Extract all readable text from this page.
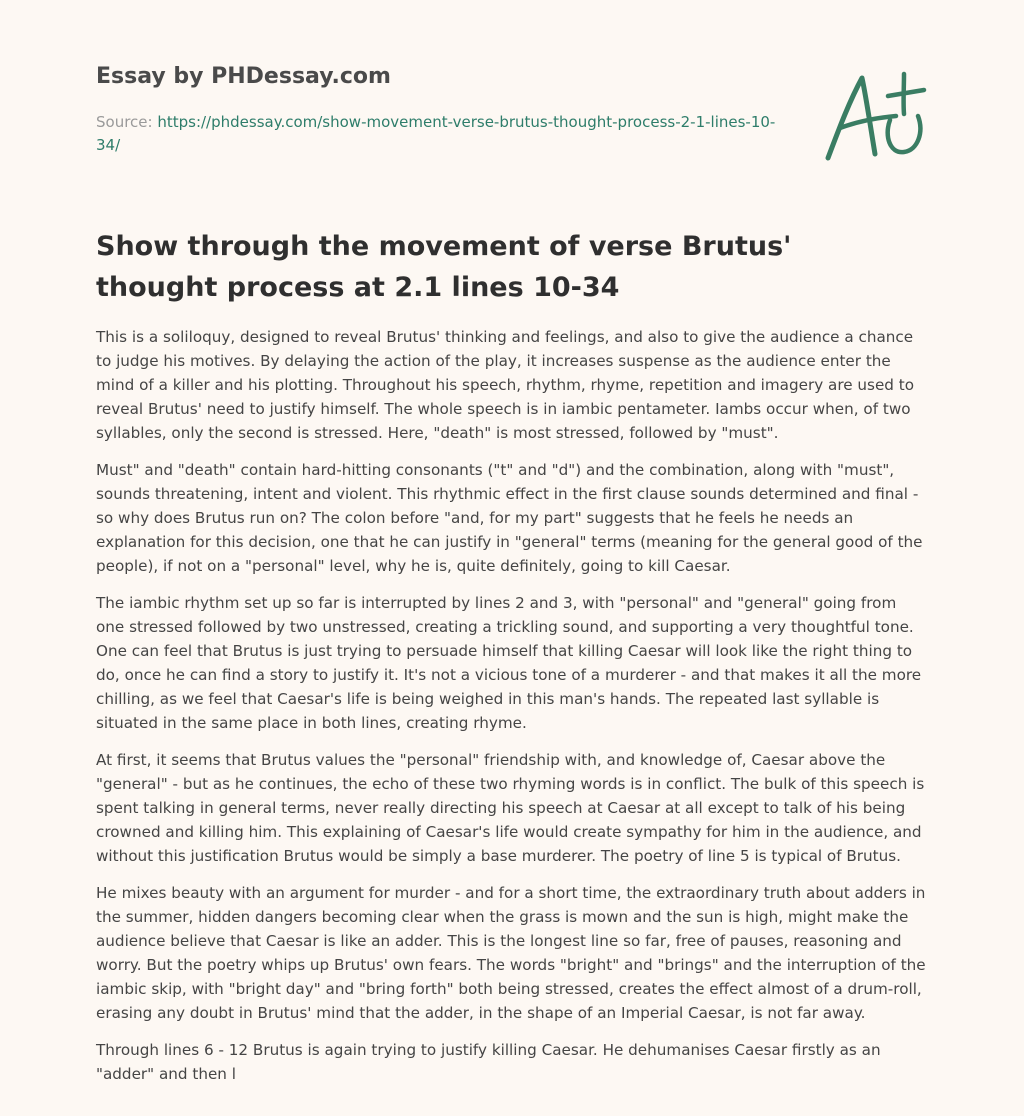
Essay by PHDessay.com
Source: https://phdessay.com/show-movement-verse-brutus-thought-process-2-1-lines-10-34/
Show through the movement of verse Brutus' thought process at 2.1 lines 10-34

This is a soliloquy, designed to reveal Brutus' thinking and feelings, and also to give the audience a chance to judge his motives. By delaying the action of the play, it increases suspense as the audience enter the mind of a killer and his plotting. Throughout his speech, rhythm, rhyme, repetition and imagery are used to reveal Brutus' need to justify himself. The whole speech is in iambic pentameter. Iambs occur when, of two syllables, only the second is stressed. Here, "death" is most stressed, followed by "must".

Must" and "death" contain hard-hitting consonants ("t" and "d") and the combination, along with "must", sounds threatening, intent and violent. This rhythmic effect in the first clause sounds determined and final - so why does Brutus run on? The colon before "and, for my part" suggests that he feels he needs an explanation for this decision, one that he can justify in "general" terms (meaning for the general good of the people), if not on a "personal" level, why he is, quite definitely, going to kill Caesar.

The iambic rhythm set up so far is interrupted by lines 2 and 3, with "personal" and "general" going from one stressed followed by two unstressed, creating a trickling sound, and supporting a very thoughtful tone. One can feel that Brutus is just trying to persuade himself that killing Caesar will look like the right thing to do, once he can find a story to justify it. It's not a vicious tone of a murderer - and that makes it all the more chilling, as we feel that Caesar's life is being weighed in this man's hands. The repeated last syllable is situated in the same place in both lines, creating rhyme.

At first, it seems that Brutus values the "personal" friendship with, and knowledge of, Caesar above the "general" - but as he continues, the echo of these two rhyming words is in conflict. The bulk of this speech is spent talking in general terms, never really directing his speech at Caesar at all except to talk of his being crowned and killing him. This explaining of Caesar's life would create sympathy for him in the audience, and without this justification Brutus would be simply a base murderer. The poetry of line 5 is typical of Brutus.

He mixes beauty with an argument for murder - and for a short time, the extraordinary truth about adders in the summer, hidden dangers becoming clear when the grass is mown and the sun is high, might make the audience believe that Caesar is like an adder. This is the longest line so far, free of pauses, reasoning and worry. But the poetry whips up Brutus' own fears. The words "bright" and "brings" and the interruption of the iambic skip, with "bright day" and "bring forth" both being stressed, creates the effect almost of a drum-roll, erasing any doubt in Brutus' mind that the adder, in the shape of an Imperial Caesar, is not far away.

Through lines 6 - 12 Brutus is again trying to justify killing Caesar. He dehumanises Caesar firstly as an "adder" and then l
